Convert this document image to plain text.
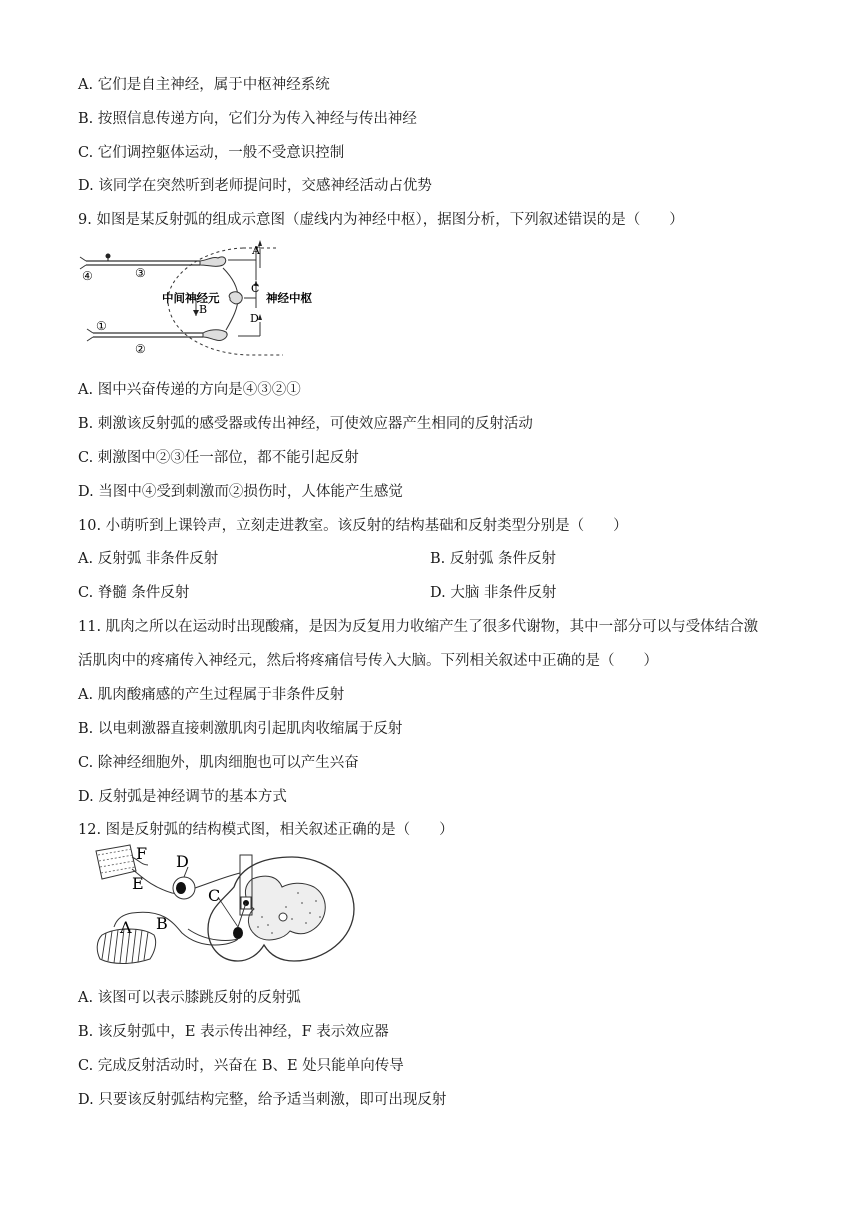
A. 它们是自主神经，属于中枢神经系统
B. 按照信息传递方向，它们分为传入神经与传出神经
C. 它们调控躯体运动，一般不受意识控制
D. 该同学在突然听到老师提问时，交感神经活动占优势
9. 如图是某反射弧的组成示意图（虚线内为神经中枢），据图分析，下列叙述错误的是（　　）
④	③
①
②
A
C
B
D
中间神经元	神经中枢
A. 图中兴奋传递的方向是④③②①
B. 刺激该反射弧的感受器或传出神经，可使效应器产生相同的反射活动
C. 刺激图中②③任一部位，都不能引起反射
D. 当图中④受到刺激而②损伤时，人体能产生感觉
10. 小萌听到上课铃声，立刻走进教室。该反射的结构基础和反射类型分别是（　　）
A. 反射弧 非条件反射	B. 反射弧 条件反射
C. 脊髓 条件反射	D. 大脑 非条件反射
11. 肌肉之所以在运动时出现酸痛，是因为反复用力收缩产生了很多代谢物，其中一部分可以与受体结合激
活肌肉中的疼痛传入神经元，然后将疼痛信号传入大脑。下列相关叙述中正确的是（　　）
A. 肌肉酸痛感的产生过程属于非条件反射
B. 以电刺激器直接刺激肌肉引起肌肉收缩属于反射
C. 除神经细胞外，肌肉细胞也可以产生兴奋
D. 反射弧是神经调节的基本方式
12. 图是反射弧的结构模式图，相关叙述正确的是（　　）
F D
E
C
A B
A. 该图可以表示膝跳反射的反射弧
B. 该反射弧中，E 表示传出神经，F 表示效应器
C. 完成反射活动时，兴奋在 B、E 处只能单向传导
D. 只要该反射弧结构完整，给予适当刺激，即可出现反射
